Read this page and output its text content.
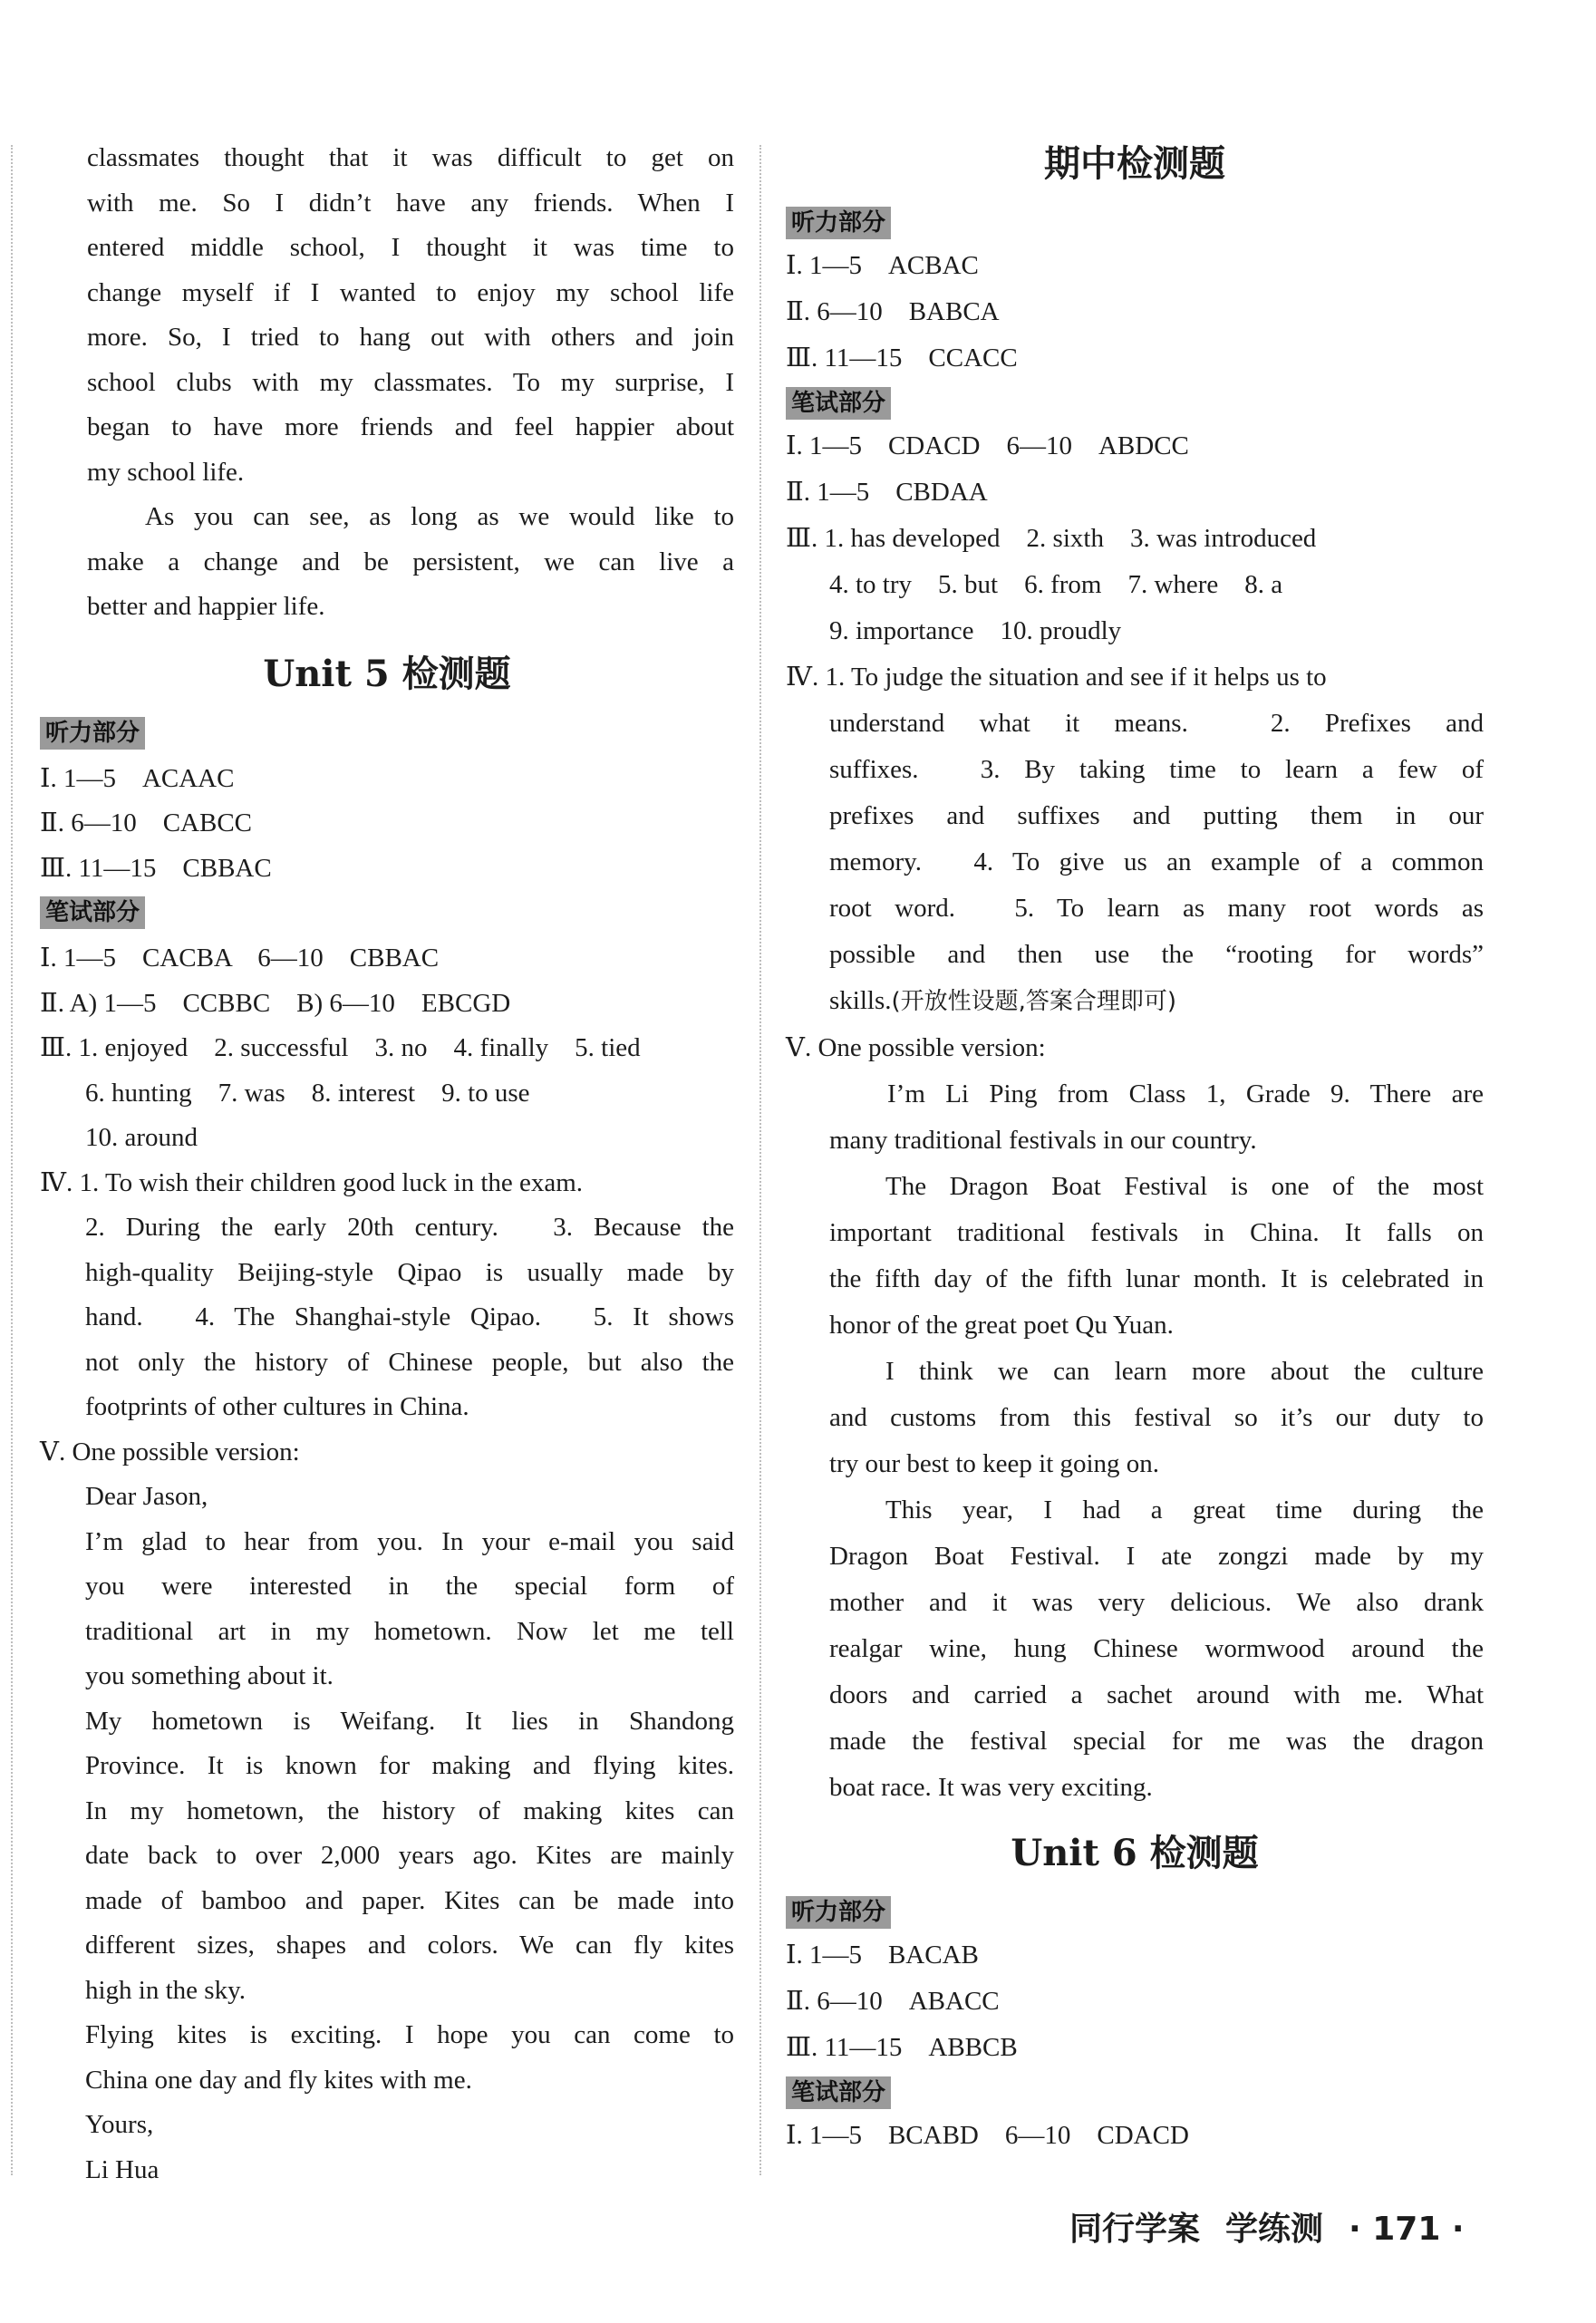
classmates thought that it was difficult to get on
with me. So I didn’t have any friends. When I
entered middle school, I thought it was time to
change myself if I wanted to enjoy my school life
more. So, I tried to hang out with others and join
school clubs with my classmates. To my surprise, I
began to have more friends and feel happier about
my school life.
As you can see, as long as we would like to
make a change and be persistent, we can live a
better and happier life.
Unit 5 检测题
听力部分
Ⅰ. 1—5　ACAAC
Ⅱ. 6—10　CABCC
Ⅲ. 11—15　CBBAC
笔试部分
Ⅰ. 1—5　CACBA　6—10　CBBAC
Ⅱ. A) 1—5　CCBBC　B) 6—10　EBCGD
Ⅲ. 1. enjoyed　2. successful　3. no　4. finally　5. tied
6. hunting　7. was　8. interest　9. to use
10. around
Ⅳ. 1. To wish their children good luck in the exam.
2. During the early 20th century.　3. Because the
high-quality Beijing-style Qipao is usually made by
hand.　4. The Shanghai-style Qipao.　5. It shows
not only the history of Chinese people, but also the
footprints of other cultures in China.
Ⅴ. One possible version:
Dear Jason,
I’m glad to hear from you. In your e-mail you said
you were interested in the special form of
traditional art in my hometown. Now let me tell
you something about it.
My hometown is Weifang. It lies in Shandong
Province. It is known for making and flying kites.
In my hometown, the history of making kites can
date back to over 2,000 years ago. Kites are mainly
made of bamboo and paper. Kites can be made into
different sizes, shapes and colors. We can fly kites
high in the sky.
Flying kites is exciting. I hope you can come to
China one day and fly kites with me.
Yours,
Li Hua
期中检测题
听力部分
Ⅰ. 1—5　ACBAC
Ⅱ. 6—10　BABCA
Ⅲ. 11—15　CCACC
笔试部分
Ⅰ. 1—5　CDACD　6—10　ABDCC
Ⅱ. 1—5　CBDAA
Ⅲ. 1. has developed　2. sixth　3. was introduced
4. to try　5. but　6. from　7. where　8. a
9. importance　10. proudly
Ⅳ. 1. To judge the situation and see if it helps us to
understand what it means.　2. Prefixes and
suffixes.　3. By taking time to learn a few of
prefixes and suffixes and putting them in our
memory.　4. To give us an example of a common
root word.　5. To learn as many root words as
possible and then use the “rooting for words”
skills.(开放性设题,答案合理即可)
Ⅴ. One possible version:
I’m Li Ping from Class 1, Grade 9. There are
many traditional festivals in our country.
The Dragon Boat Festival is one of the most
important traditional festivals in China. It falls on
the fifth day of the fifth lunar month. It is celebrated in
honor of the great poet Qu Yuan.
I think we can learn more about the culture
and customs from this festival so it’s our duty to
try our best to keep it going on.
This year, I had a great time during the
Dragon Boat Festival. I ate zongzi made by my
mother and it was very delicious. We also drank
realgar wine, hung Chinese wormwood around the
doors and carried a sachet around with me. What
made the festival special for me was the dragon
boat race. It was very exciting.
Unit 6 检测题
听力部分
Ⅰ. 1—5　BACAB
Ⅱ. 6—10　ABACC
Ⅲ. 11—15　ABBCB
笔试部分
Ⅰ. 1—5　BCABD　6—10　CDACD
同行学案 学练测 · 171 ·
